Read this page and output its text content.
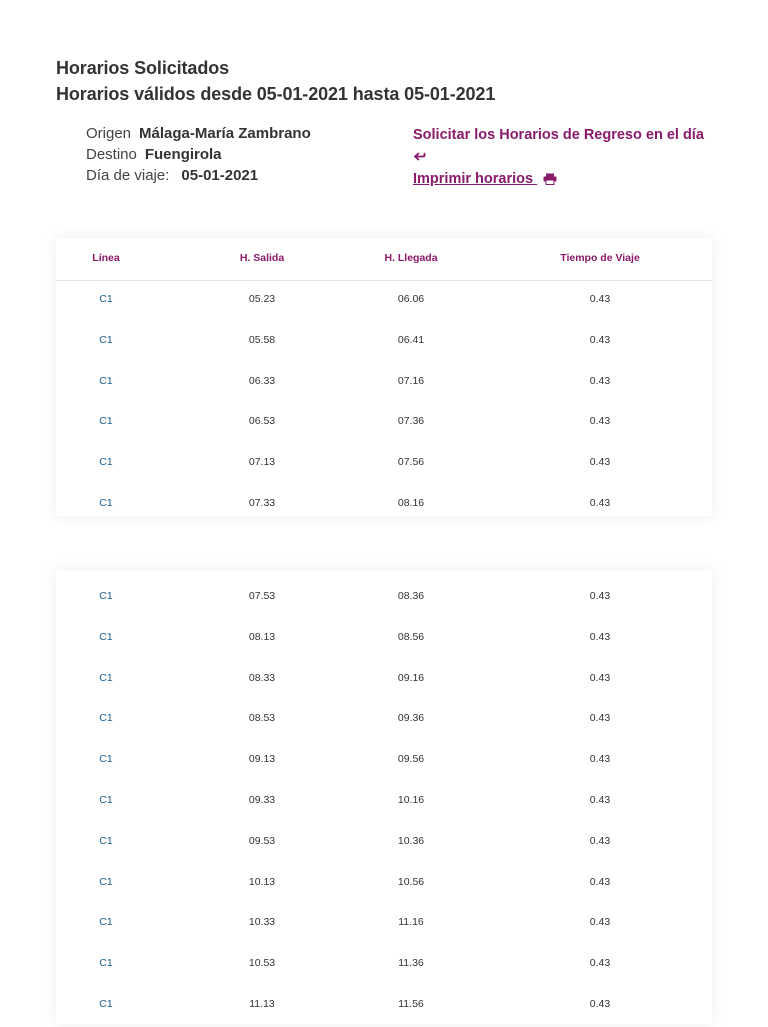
Horarios Solicitados
Horarios válidos desde 05-01-2021 hasta 05-01-2021
Origen Málaga-María Zambrano
Destino Fuengirola
Día de viaje: 05-01-2021
Solicitar los Horarios de Regreso en el día
Imprimir horarios
Línea	H. Salida	H. Llegada	Tiempo de Viaje
C1	05.23	06.06	0.43
C1	05.58	06.41	0.43
C1	06.33	07.16	0.43
C1	06.53	07.36	0.43
C1	07.13	07.56	0.43
C1	07.33	08.16	0.43
C1	07.53	08.36	0.43
C1	08.13	08.56	0.43
C1	08.33	09.16	0.43
C1	08.53	09.36	0.43
C1	09.13	09.56	0.43
C1	09.33	10.16	0.43
C1	09.53	10.36	0.43
C1	10.13	10.56	0.43
C1	10.33	11.16	0.43
C1	10.53	11.36	0.43
C1	11.13	11.56	0.43
